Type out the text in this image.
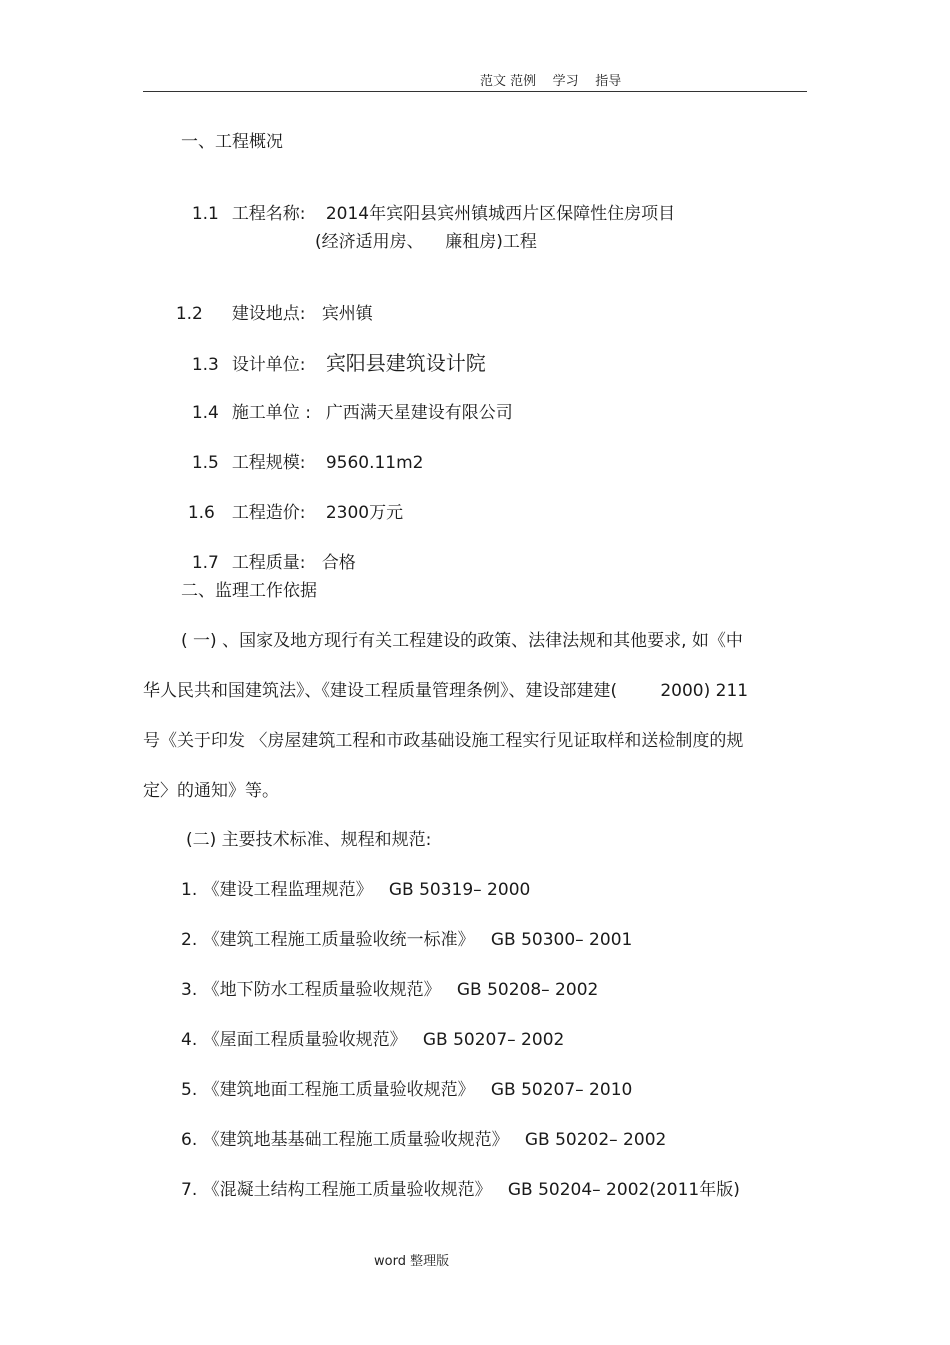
范文 范例    学习    指导
一、工程概况

1.1 工程名称: 2014年宾阳县宾州镇城西片区保障性住房项目

(经济适用房、    廉租房)工程

1.2 建设地点: 宾州镇

1.3 设计单位: 宾阳县建筑设计院

1.4 施工单位 : 广西满天星建设有限公司

1.5 工程规模: 9560.11m2

1.6 工程造价: 2300万元

1.7 工程质量: 合格

二、监理工作依据
( 一) 、国家及地方现行有关工程建设的政策、法律法规和其他要求, 如《中
华人民共和国建筑法》、《建设工程质量管理条例》、建设部建建(        2000) 211
号《关于印发 〈房屋建筑工程和市政基础设施工程实行见证取样和送检制度的规
定〉的通知》等。
(二) 主要技术标准、规程和规范:
1. 《建设工程监理规范》   GB 50319– 2000
2. 《建筑工程施工质量验收统一标准》   GB 50300– 2001
3. 《地下防水工程质量验收规范》   GB 50208– 2002
4. 《屋面工程质量验收规范》   GB 50207– 2002
5. 《建筑地面工程施工质量验收规范》   GB 50207– 2010
6. 《建筑地基基础工程施工质量验收规范》   GB 50202– 2002
7. 《混凝土结构工程施工质量验收规范》   GB 50204– 2002(2011年版)
word 整理版
